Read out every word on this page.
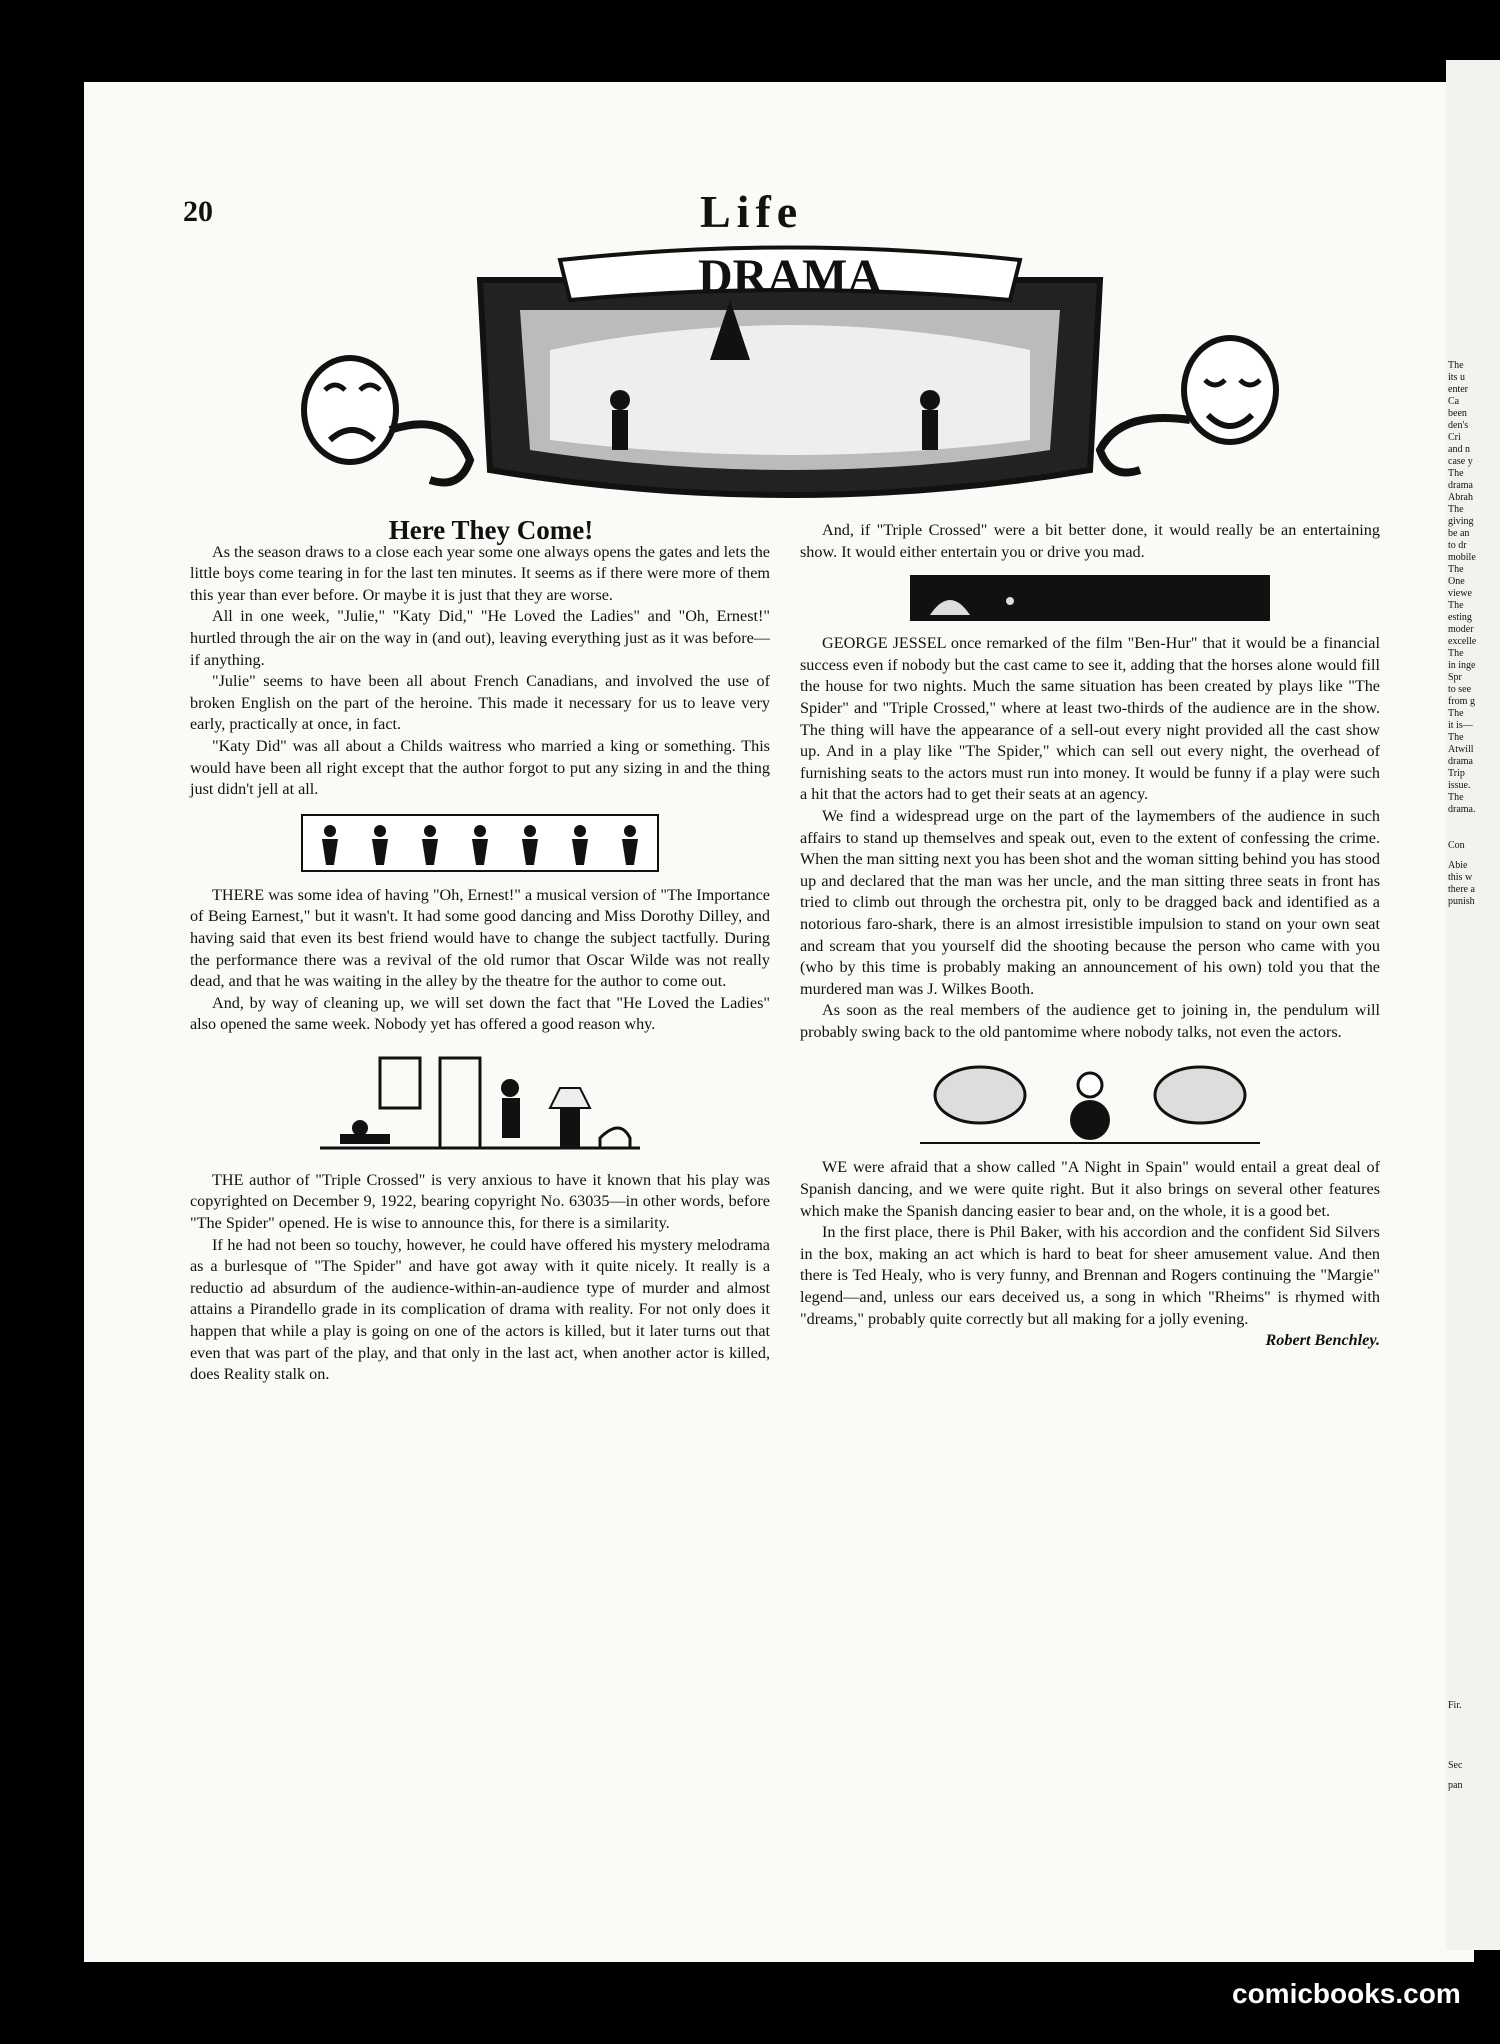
The
its u
enter
Ca
been
den's
Cri
and n
case y
The
drama
Abrah
The
giving
be an
to dr
mobile
The
One
viewe
The
esting
moder
excelle
The
in inge
Spr
to see
from g
The
it is—
The
Atwill
drama
Trip
issue.
The
drama.
Con
Abie
this w
there a
punish
Fir.
Sec
pan
20	Life
DRAMA

Here They Come!

As the season draws to a close each year some one always opens the gates and lets the little boys come tearing in for the last ten minutes. It seems as if there were more of them this year than ever before. Or maybe it is just that they are worse.

All in one week, "Julie," "Katy Did," "He Loved the Ladies" and "Oh, Ernest!" hurtled through the air on the way in (and out), leaving everything just as it was before—if anything.

"Julie" seems to have been all about French Canadians, and involved the use of broken English on the part of the heroine. This made it necessary for us to leave very early, practically at once, in fact.

"Katy Did" was all about a Childs waitress who married a king or something. This would have been all right except that the author forgot to put any sizing in and the thing just didn't jell at all.

THERE was some idea of having "Oh, Ernest!" a musical version of "The Importance of Being Earnest," but it wasn't. It had some good dancing and Miss Dorothy Dilley, and having said that even its best friend would have to change the subject tactfully. During the performance there was a revival of the old rumor that Oscar Wilde was not really dead, and that he was waiting in the alley by the theatre for the author to come out.

And, by way of cleaning up, we will set down the fact that "He Loved the Ladies" also opened the same week. Nobody yet has offered a good reason why.

THE author of "Triple Crossed" is very anxious to have it known that his play was copyrighted on December 9, 1922, bearing copyright No. 63035—in other words, before "The Spider" opened. He is wise to announce this, for there is a similarity.

If he had not been so touchy, however, he could have offered his mystery melodrama as a burlesque of "The Spider" and have got away with it quite nicely. It really is a reductio ad absurdum of the audience-within-an-audience type of murder and almost attains a Pirandello grade in its complication of drama with reality. For not only does it happen that while a play is going on one of the actors is killed, but it later turns out that even that was part of the play, and that only in the last act, when another actor is killed, does Reality stalk on.

And, if "Triple Crossed" were a bit better done, it would really be an entertaining show. It would either entertain you or drive you mad.

GEORGE JESSEL once remarked of the film "Ben-Hur" that it would be a financial success even if nobody but the cast came to see it, adding that the horses alone would fill the house for two nights. Much the same situation has been created by plays like "The Spider" and "Triple Crossed," where at least two-thirds of the audience are in the show. The thing will have the appearance of a sell-out every night provided all the cast show up. And in a play like "The Spider," which can sell out every night, the overhead of furnishing seats to the actors must run into money. It would be funny if a play were such a hit that the actors had to get their seats at an agency.

We find a widespread urge on the part of the laymembers of the audience in such affairs to stand up themselves and speak out, even to the extent of confessing the crime. When the man sitting next you has been shot and the woman sitting behind you has stood up and declared that the man was her uncle, and the man sitting three seats in front has tried to climb out through the orchestra pit, only to be dragged back and identified as a notorious faro-shark, there is an almost irresistible impulsion to stand on your own seat and scream that you yourself did the shooting because the person who came with you (who by this time is probably making an announcement of his own) told you that the murdered man was J. Wilkes Booth.

As soon as the real members of the audience get to joining in, the pendulum will probably swing back to the old pantomime where nobody talks, not even the actors.

WE were afraid that a show called "A Night in Spain" would entail a great deal of Spanish dancing, and we were quite right. But it also brings on several other features which make the Spanish dancing easier to bear and, on the whole, it is a good bet.

In the first place, there is Phil Baker, with his accordion and the confident Sid Silvers in the box, making an act which is hard to beat for sheer amusement value. And then there is Ted Healy, who is very funny, and Brennan and Rogers continuing the "Margie" legend—and, unless our ears deceived us, a song in which "Rheims" is rhymed with "dreams," probably quite correctly but all making for a jolly evening.

Robert Benchley.

comicbooks.com
